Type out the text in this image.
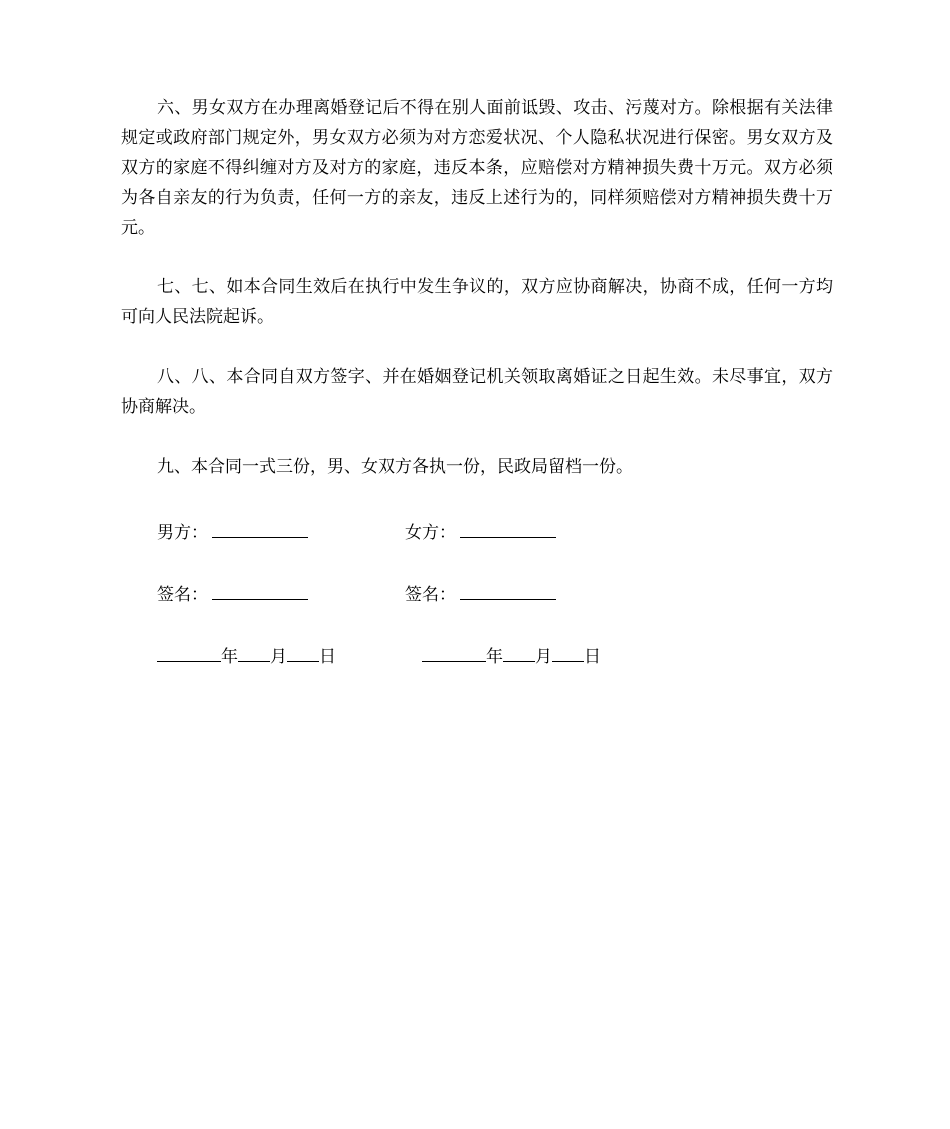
六、男女双方在办理离婚登记后不得在别人面前诋毁、攻击、污蔑对方。除根据有关法律规定或政府部门规定外，男女双方必须为对方恋爱状况、个人隐私状况进行保密。男女双方及双方的家庭不得纠缠对方及对方的家庭，违反本条，应赔偿对方精神损失费十万元。双方必须为各自亲友的行为负责，任何一方的亲友，违反上述行为的，同样须赔偿对方精神损失费十万元。

七、七、如本合同生效后在执行中发生争议的，双方应协商解决，协商不成，任何一方均可向人民法院起诉。

八、八、本合同自双方签字、并在婚姻登记机关领取离婚证之日起生效。未尽事宜，双方协商解决。

九、本合同一式三份，男、女双方各执一份，民政局留档一份。

男方：	女方：
签名：	签名：
年 月 日	年 月 日
